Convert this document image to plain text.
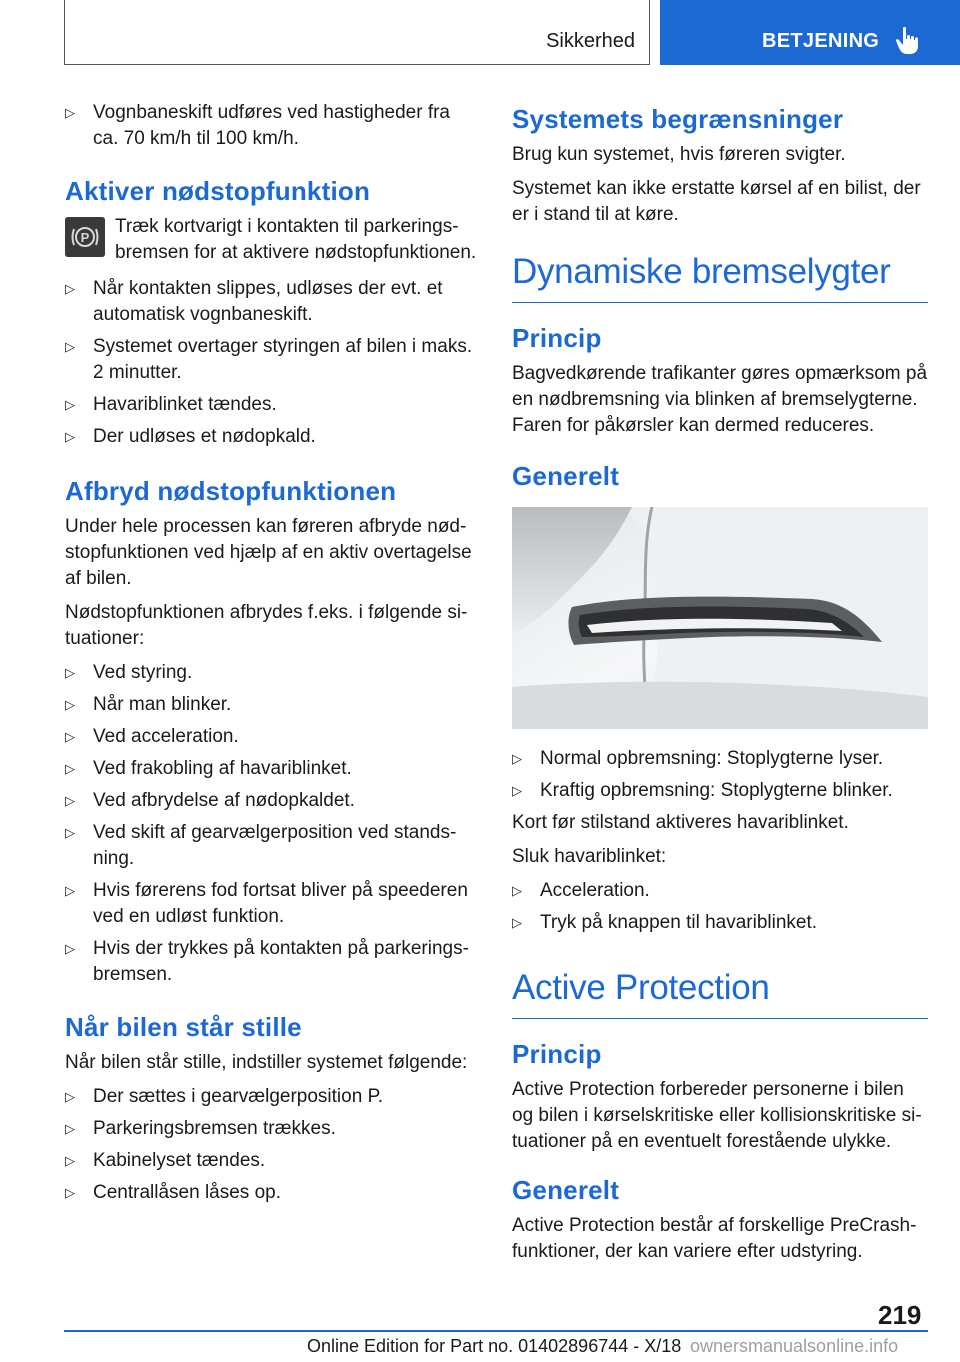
Sikkerhed	BETJENING
▷ Vognbaneskift udføres ved hastigheder fra ca. 70 km/h til 100 km/h.
Aktiver nødstopfunktion
P
Træk kortvarigt i kontakten til parkeringsbremsen for at aktivere nødstopfunktionen.
▷ Når kontakten slippes, udløses der evt. et automatisk vognbaneskift.
▷ Systemet overtager styringen af bilen i maks. 2 minutter.
▷ Havariblinket tændes.
▷ Der udløses et nødopkald.
Afbryd nødstopfunktionen

Under hele processen kan føreren afbryde nødstopfunktionen ved hjælp af en aktiv overtagelse af bilen.

Nødstopfunktionen afbrydes f.eks. i følgende situationer:

▷ Ved styring.
▷ Når man blinker.
▷ Ved acceleration.
▷ Ved frakobling af havariblinket.
▷ Ved afbrydelse af nødopkaldet.
▷ Ved skift af gearvælgerposition ved standsning.
▷ Hvis førerens fod fortsat bliver på speederen ved en udløst funktion.
▷ Hvis der trykkes på kontakten på parkeringsbremsen.
Når bilen står stille

Når bilen står stille, indstiller systemet følgende:

▷ Der sættes i gearvælgerposition P.
▷ Parkeringsbremsen trækkes.
▷ Kabinelyset tændes.
▷ Centrallåsen låses op.
Systemets begrænsninger

Brug kun systemet, hvis føreren svigter.

Systemet kan ikke erstatte kørsel af en bilist, der er i stand til at køre.

Dynamiske bremselygter
Princip

Bagvedkørende trafikanter gøres opmærksom på en nødbremsning via blinken af bremselygterne. Faren for påkørsler kan dermed reduceres.

Generelt
▷ Normal opbremsning: Stoplygterne lyser.
▷ Kraftig opbremsning: Stoplygterne blinker.

Kort før stilstand aktiveres havariblinket.

Sluk havariblinket:

▷ Acceleration.
▷ Tryk på knappen til havariblinket.
Active Protection
Princip

Active Protection forbereder personerne i bilen og bilen i kørselskritiske eller kollisionskritiske situationer på en eventuelt forestående ulykke.

Generelt

Active Protection består af forskellige PreCrash-funktioner, der kan variere efter udstyring.

219
Online Edition for Part no. 01402896744 - X/18 ownersmanualsonline.info
